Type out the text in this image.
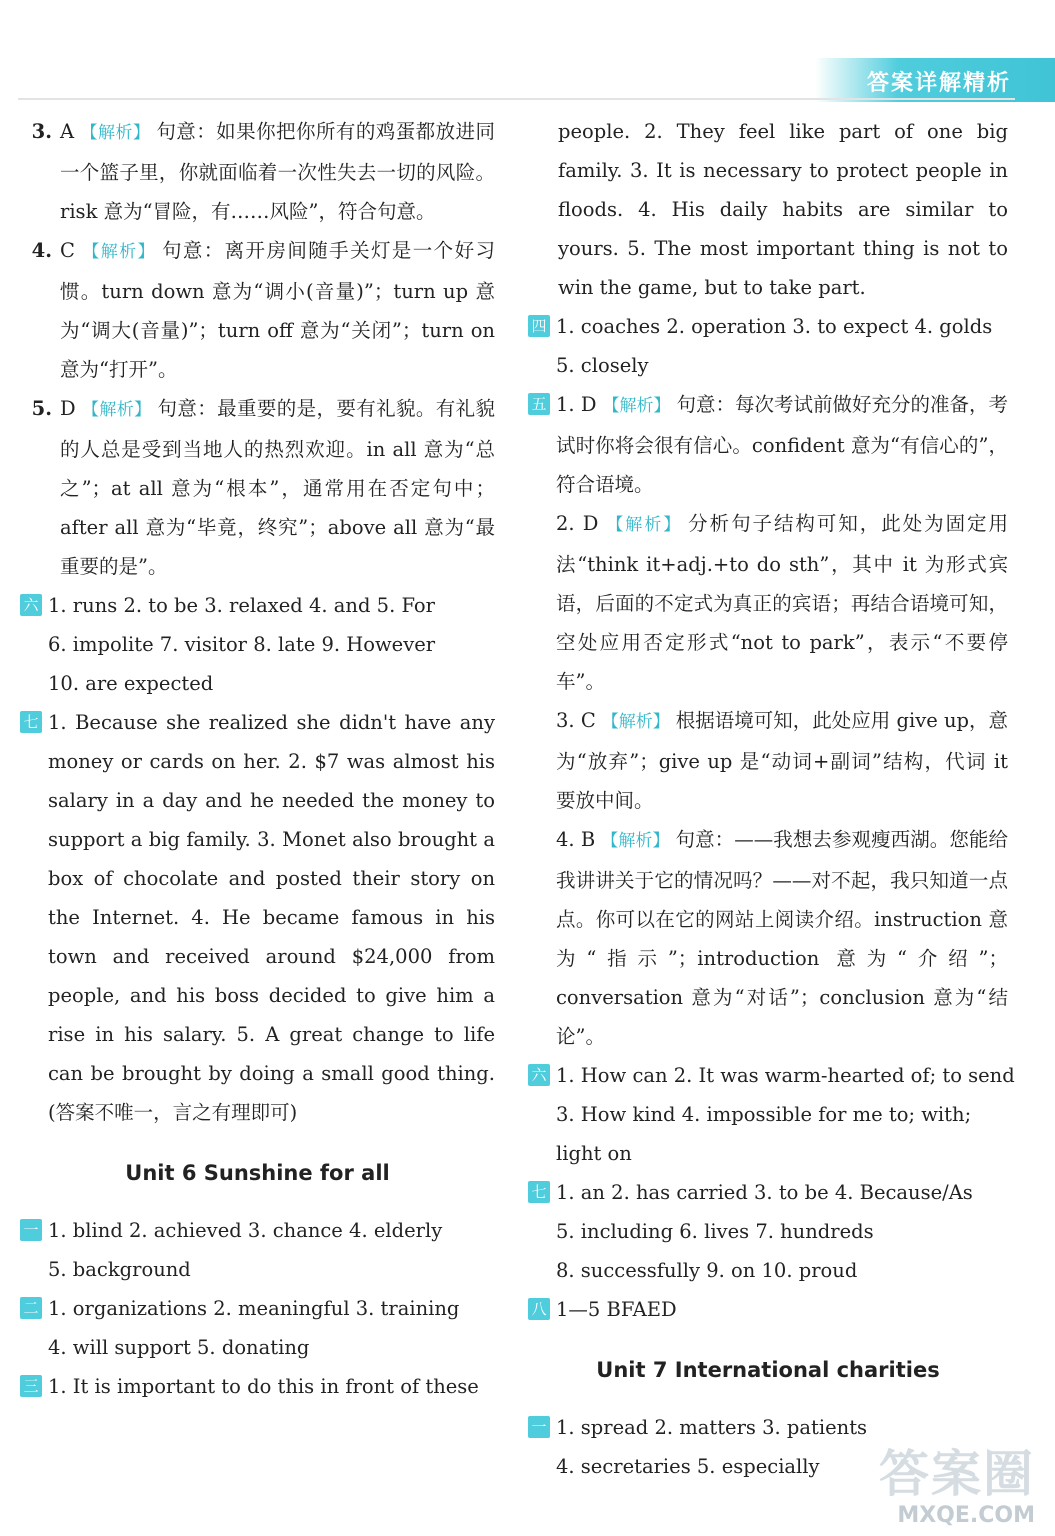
答案详解精析
3. A 【解析】 句意：如果你把你所有的鸡蛋都放进同一个篮子里，你就面临着一次性失去一切的风险。risk 意为“冒险，有……风险”，符合句意。
4. C 【解析】 句意：离开房间随手关灯是一个好习惯。turn down 意为“调小(音量)”；turn up 意为“调大(音量)”；turn off 意为“关闭”；turn on 意为“打开”。
5. D 【解析】 句意：最重要的是，要有礼貌。有礼貌的人总是受到当地人的热烈欢迎。in all 意为“总之”；at all 意为“根本”，通常用在否定句中；after all 意为“毕竟，终究”；above all 意为“最重要的是”。
六 1. runs 2. to be 3. relaxed 4. and 5. For
6. impolite 7. visitor 8. late 9. However
10. are expected
七 1. Because she realized she didn't have any money or cards on her. 2. $7 was almost his salary in a day and he needed the money to support a big family. 3. Monet also brought a box of chocolate and posted their story on the Internet. 4. He became famous in his town and received around $24,000 from people, and his boss decided to give him a rise in his salary. 5. A great change to life can be brought by doing a small good thing.(答案不唯一，言之有理即可)
Unit 6 Sunshine for all
一 1. blind 2. achieved 3. chance 4. elderly
5. background
二 1. organizations 2. meaningful 3. training
4. will support 5. donating
三 1. It is important to do this in front of these
people. 2. They feel like part of one big family. 3. It is necessary to protect people in floods. 4. His daily habits are similar to yours. 5. The most important thing is not to win the game, but to take part.
四 1. coaches 2. operation 3. to expect 4. golds
5. closely
五 1. D 【解析】 句意：每次考试前做好充分的准备，考试时你将会很有信心。confident 意为“有信心的”，符合语境。
2. D 【解析】 分析句子结构可知，此处为固定用法“think it+adj.+to do sth”，其中 it 为形式宾语，后面的不定式为真正的宾语；再结合语境可知，空处应用否定形式“not to park”，表示“不要停车”。
3. C 【解析】 根据语境可知，此处应用 give up，意为“放弃”；give up 是“动词+副词”结构，代词 it 要放中间。
4. B 【解析】 句意：——我想去参观瘦西湖。您能给我讲讲关于它的情况吗？——对不起，我只知道一点点。你可以在它的网站上阅读介绍。instruction 意为“指示”；introduction 意为“介绍”；conversation 意为“对话”；conclusion 意为“结论”。
六 1. How can 2. It was warm-hearted of; to send
3. How kind 4. impossible for me to; with;
light on
七 1. an 2. has carried 3. to be 4. Because/As
5. including 6. lives 7. hundreds
8. successfully 9. on 10. proud
八 1—5 BFAED
Unit 7 International charities
一 1. spread 2. matters 3. patients
4. secretaries 5. especially	答案圈
MXQE.COM
